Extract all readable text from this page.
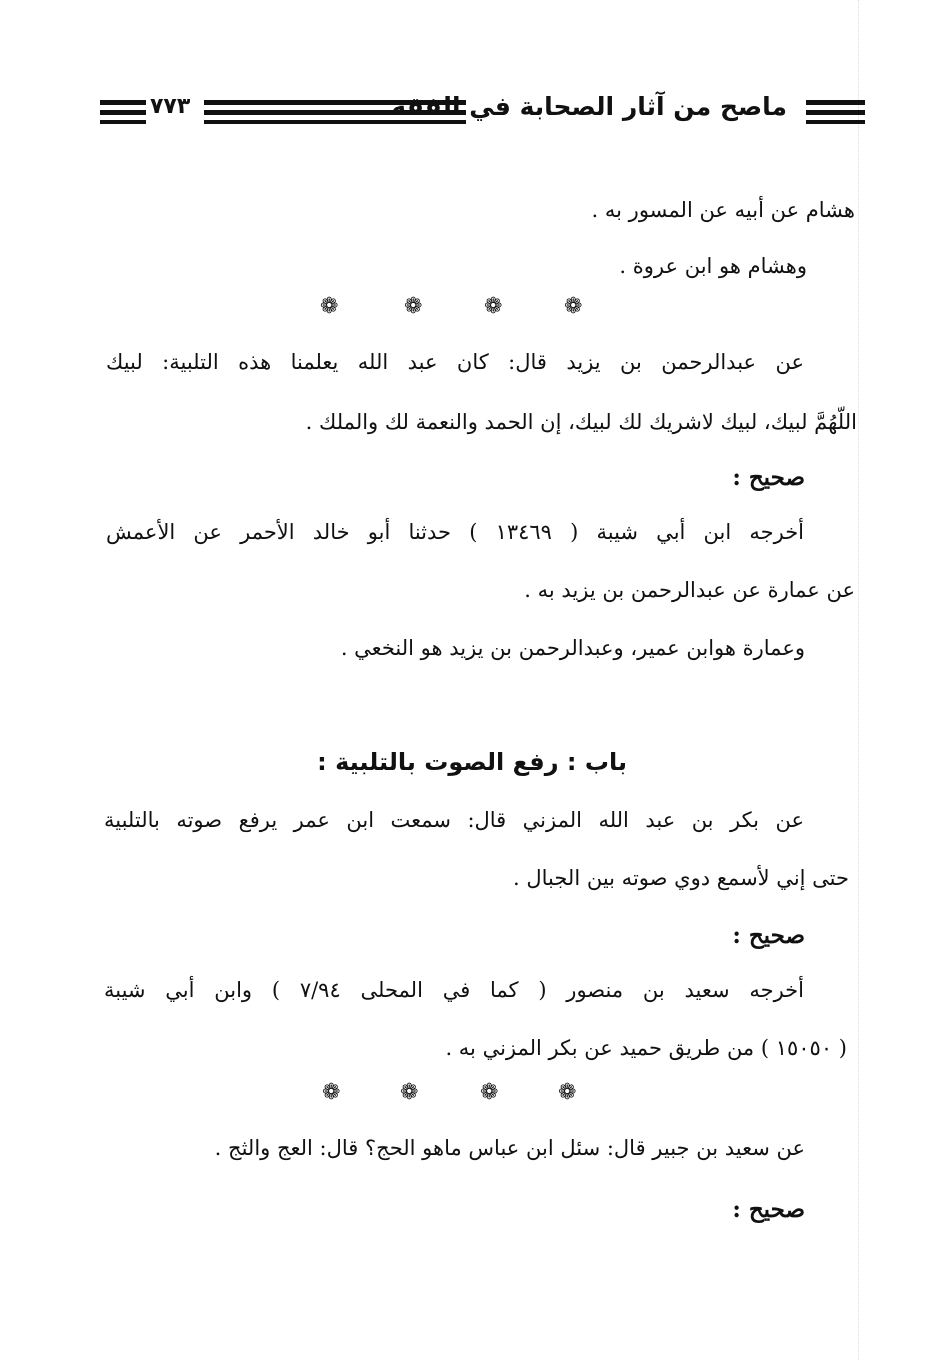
٧٧٣	ماصح من آثار الصحابة في الفقه
هشام عن أبيه عن المسور به .
وهشام هو ابن عروة .
❁	❁	❁	❁
عن عبدالرحمن بن يزيد قال: كان عبد الله يعلمنا هذه التلبية: لبيك
اللّهُمَّ لبيك، لبيك لاشريك لك لبيك، إن الحمد والنعمة لك والملك .
صحيح :
أخرجه ابن أبي شيبة ( ١٣٤٦٩ ) حدثنا أبو خالد الأحمر عن الأعمش
عن عمارة عن عبدالرحمن بن يزيد به .
وعمارة هوابن عمير، وعبدالرحمن بن يزيد هو النخعي .
باب : رفع الصوت بالتلبية :
عن بكر بن عبد الله المزني قال: سمعت ابن عمر يرفع صوته بالتلبية
حتى إني لأسمع دوي صوته بين الجبال .
صحيح :
أخرجه سعيد بن منصور ( كما في المحلى ٧/٩٤ ) وابن أبي شيبة
( ١٥٠٥٠ ) من طريق حميد عن بكر المزني به .
❁	❁	❁	❁
عن سعيد بن جبير قال: سئل ابن عباس ماهو الحج؟ قال: العج والثج .
صحيح :
